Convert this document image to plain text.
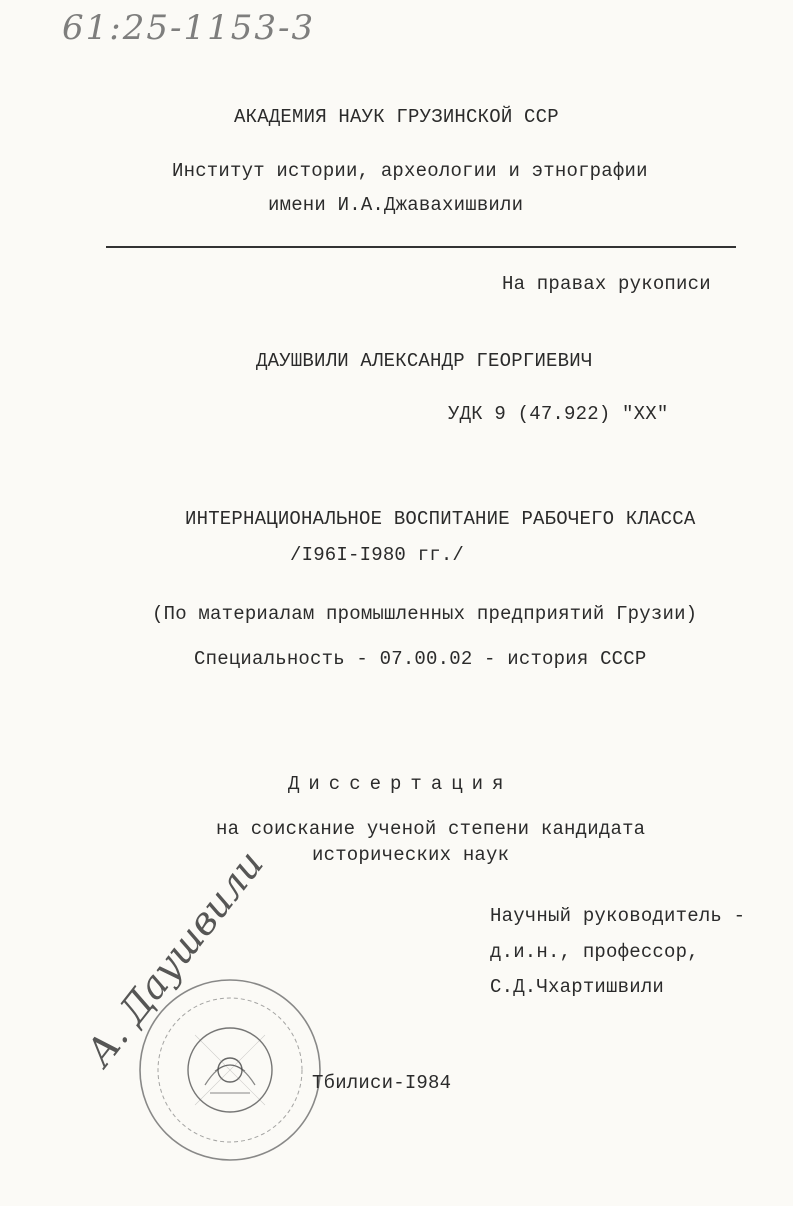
61:25-1153-3
АКАДЕМИЯ НАУК ГРУЗИНСКОЙ ССР
Институт истории, археологии и этнографии
имени И.А.Джавахишвили
На правах рукописи
ДАУШВИЛИ АЛЕКСАНДР ГЕОРГИЕВИЧ
УДК 9 (47.922) "XX"
ИНТЕРНАЦИОНАЛЬНОЕ ВОСПИТАНИЕ РАБОЧЕГО КЛАССА
/I96I-I980 гг./
(По материалам промышленных предприятий Грузии)
Специальность - 07.00.02 - история СССР
Диссертация
на соискание ученой степени кандидата
исторических наук
Научный руководитель -
д.и.н., профессор,
С.Д.Чхартишвили
А. Даушвили
Тбилиси-I984
